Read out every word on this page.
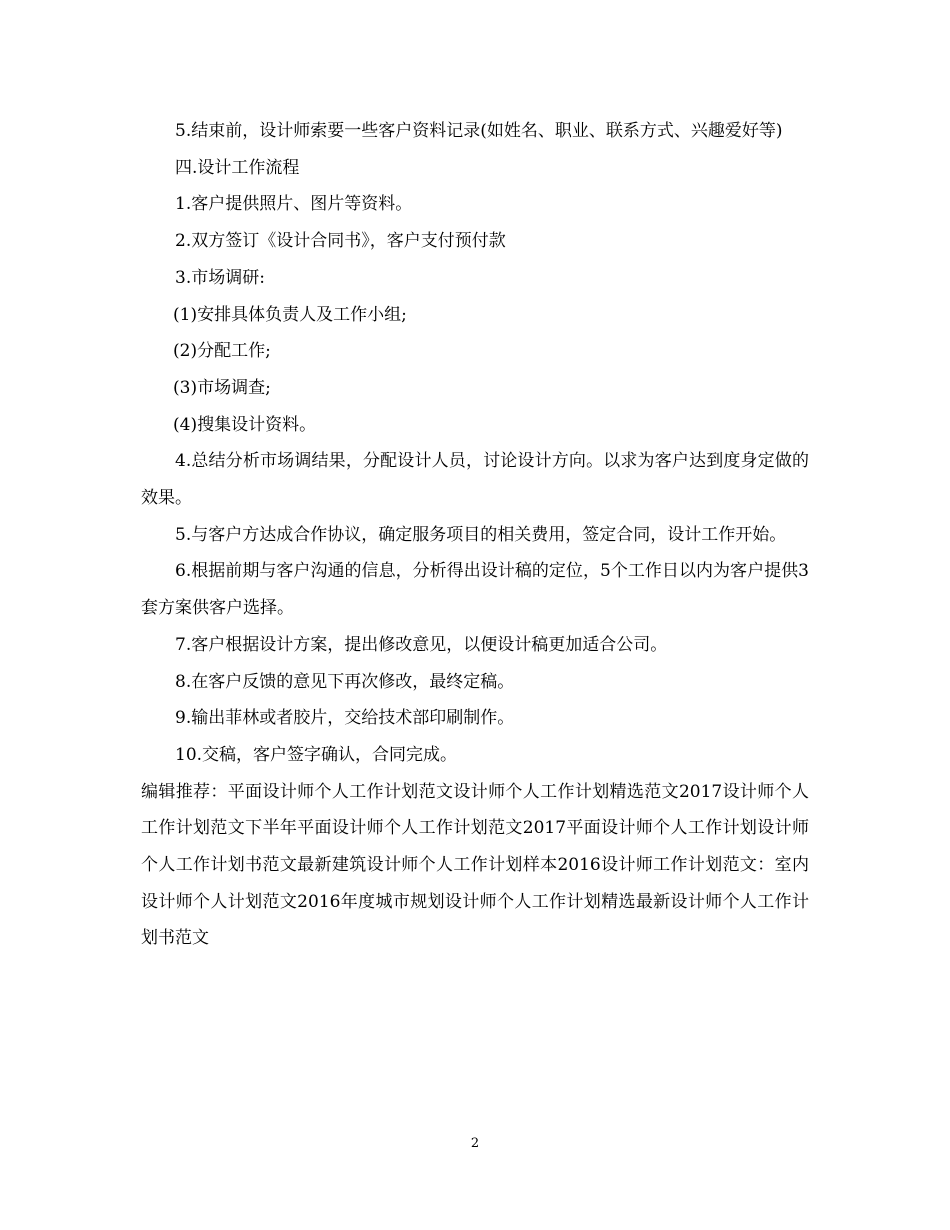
5.结束前，设计师索要一些客户资料记录(如姓名、职业、联系方式、兴趣爱好等)

四.设计工作流程

1.客户提供照片、图片等资料。

2.双方签订《设计合同书》，客户支付预付款

3.市场调研:

(1)安排具体负责人及工作小组;

(2)分配工作;

(3)市场调查;

(4)搜集设计资料。

4.总结分析市场调结果，分配设计人员，讨论设计方向。以求为客户达到度身定做的效果。

5.与客户方达成合作协议，确定服务项目的相关费用，签定合同，设计工作开始。

6.根据前期与客户沟通的信息，分析得出设计稿的定位，5个工作日以内为客户提供3套方案供客户选择。

7.客户根据设计方案，提出修改意见，以便设计稿更加适合公司。

8.在客户反馈的意见下再次修改，最终定稿。

9.输出菲林或者胶片，交给技术部印刷制作。

10.交稿，客户签字确认，合同完成。

编辑推荐：平面设计师个人工作计划范文设计师个人工作计划精选范文2017设计师个人工作计划范文下半年平面设计师个人工作计划范文2017平面设计师个人工作计划设计师个人工作计划书范文最新建筑设计师个人工作计划样本2016设计师工作计划范文：室内设计师个人计划范文2016年度城市规划设计师个人工作计划精选最新设计师个人工作计划书范文

2
